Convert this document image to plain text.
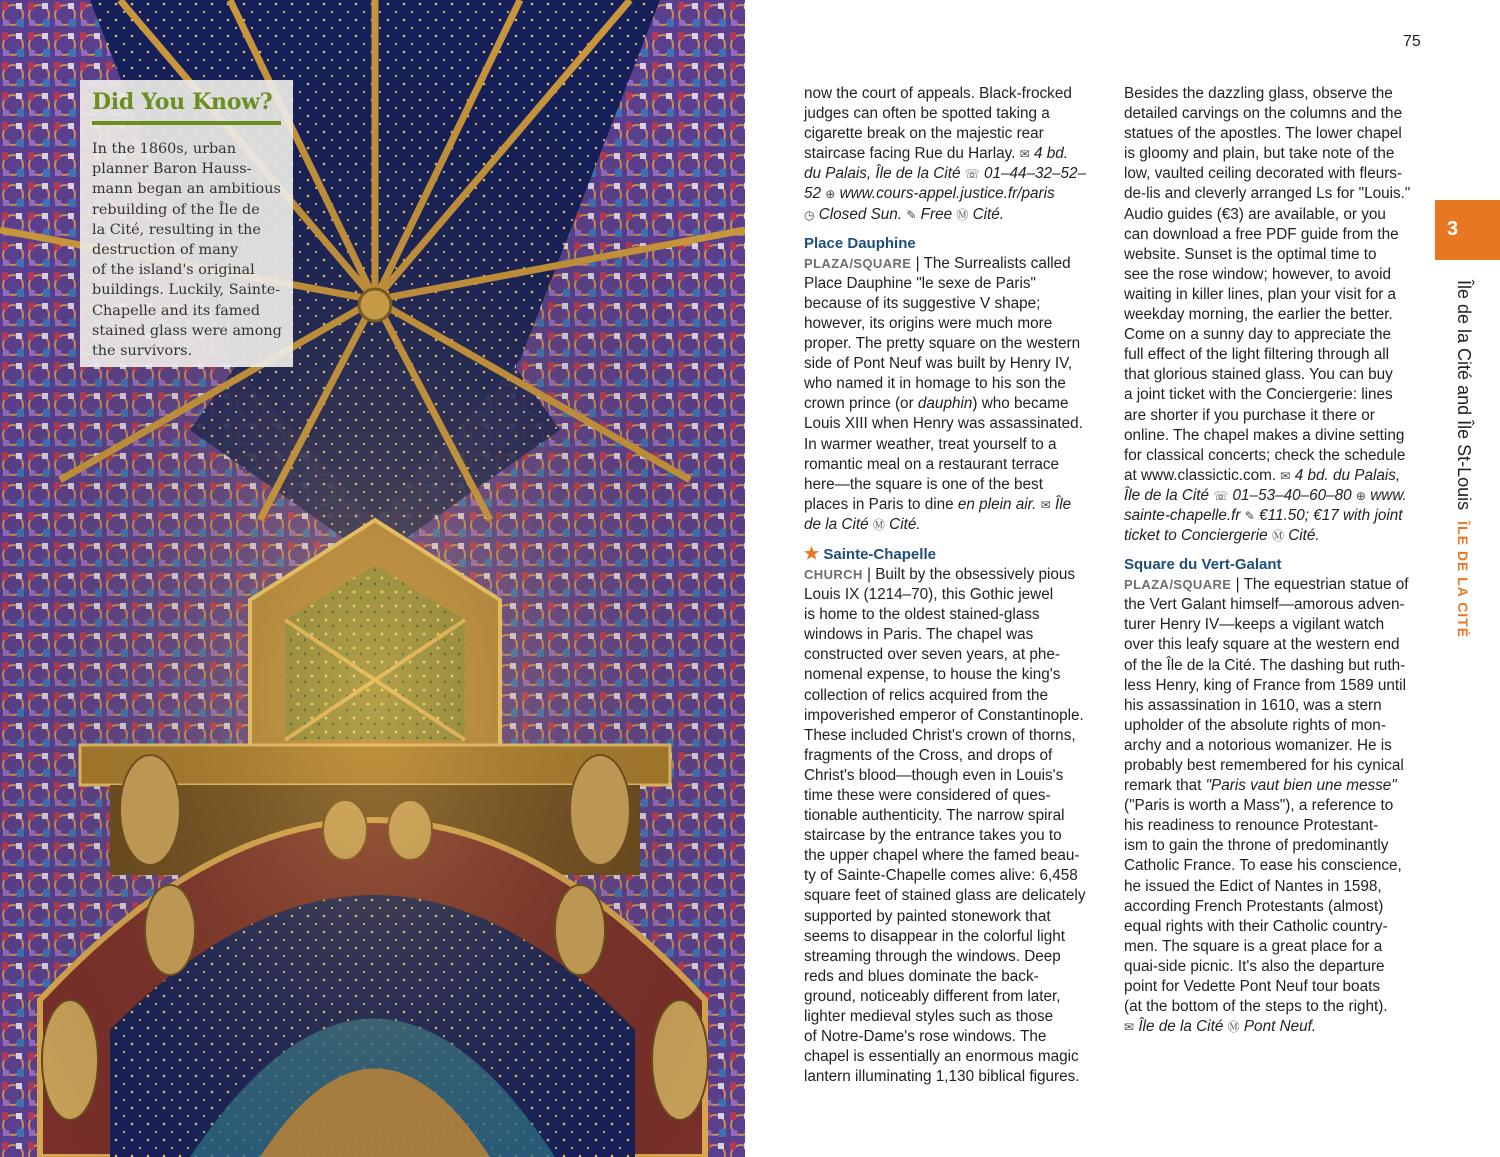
Did You Know?

In the 1860s, urban
planner Baron Hauss-
mann began an ambitious
rebuilding of the Île de
la Cité, resulting in the
destruction of many
of the island's original
buildings. Luckily, Sainte-
Chapelle and its famed
stained glass were among
the survivors.

75
now the court of appeals. Black-frocked
judges can often be spotted taking a
cigarette break on the majestic rear
staircase facing Rue du Harlay. ✉ 4 bd.
du Palais, Île de la Cité ☏ 01–44–32–52–
52 ⊕ www.cours-appel.justice.fr/paris
◷ Closed Sun. ✎ Free Ⓜ Cité.
Place Dauphine
PLAZA/SQUARE | The Surrealists called
Place Dauphine "le sexe de Paris"
because of its suggestive V shape;
however, its origins were much more
proper. The pretty square on the western
side of Pont Neuf was built by Henry IV,
who named it in homage to his son the
crown prince (or dauphin) who became
Louis XIII when Henry was assassinated.
In warmer weather, treat yourself to a
romantic meal on a restaurant terrace
here—the square is one of the best
places in Paris to dine en plein air. ✉ Île
de la Cité Ⓜ Cité.
★ Sainte-Chapelle
CHURCH | Built by the obsessively pious
Louis IX (1214–70), this Gothic jewel
is home to the oldest stained-glass
windows in Paris. The chapel was
constructed over seven years, at phe-
nomenal expense, to house the king's
collection of relics acquired from the
impoverished emperor of Constantinople.
These included Christ's crown of thorns,
fragments of the Cross, and drops of
Christ's blood—though even in Louis's
time these were considered of ques-
tionable authenticity. The narrow spiral
staircase by the entrance takes you to
the upper chapel where the famed beau-
ty of Sainte-Chapelle comes alive: 6,458
square feet of stained glass are delicately
supported by painted stonework that
seems to disappear in the colorful light
streaming through the windows. Deep
reds and blues dominate the back-
ground, noticeably different from later,
lighter medieval styles such as those
of Notre-Dame's rose windows. The
chapel is essentially an enormous magic
lantern illuminating 1,130 biblical figures.
Besides the dazzling glass, observe the
detailed carvings on the columns and the
statues of the apostles. The lower chapel
is gloomy and plain, but take note of the
low, vaulted ceiling decorated with fleurs-
de-lis and cleverly arranged Ls for "Louis."
Audio guides (€3) are available, or you
can download a free PDF guide from the
website. Sunset is the optimal time to
see the rose window; however, to avoid
waiting in killer lines, plan your visit for a
weekday morning, the earlier the better.
Come on a sunny day to appreciate the
full effect of the light filtering through all
that glorious stained glass. You can buy
a joint ticket with the Conciergerie: lines
are shorter if you purchase it there or
online. The chapel makes a divine setting
for classical concerts; check the schedule
at www.classictic.com. ✉ 4 bd. du Palais,
Île de la Cité ☏ 01–53–40–60–80 ⊕ www.
sainte-chapelle.fr ✎ €11.50; €17 with joint
ticket to Conciergerie Ⓜ Cité.
Square du Vert-Galant
PLAZA/SQUARE | The equestrian statue of
the Vert Galant himself—amorous adven-
turer Henry IV—keeps a vigilant watch
over this leafy square at the western end
of the Île de la Cité. The dashing but ruth-
less Henry, king of France from 1589 until
his assassination in 1610, was a stern
upholder of the absolute rights of mon-
archy and a notorious womanizer. He is
probably best remembered for his cynical
remark that "Paris vaut bien une messe"
("Paris is worth a Mass"), a reference to
his readiness to renounce Protestant-
ism to gain the throne of predominantly
Catholic France. To ease his conscience,
he issued the Edict of Nantes in 1598,
according French Protestants (almost)
equal rights with their Catholic country-
men. The square is a great place for a
quai-side picnic. It's also the departure
point for Vedette Pont Neuf tour boats
(at the bottom of the steps to the right).
✉ Île de la Cité Ⓜ Pont Neuf.
3
Île de la Cité and Île St-Louis ÎLE DE LA CITÉ
